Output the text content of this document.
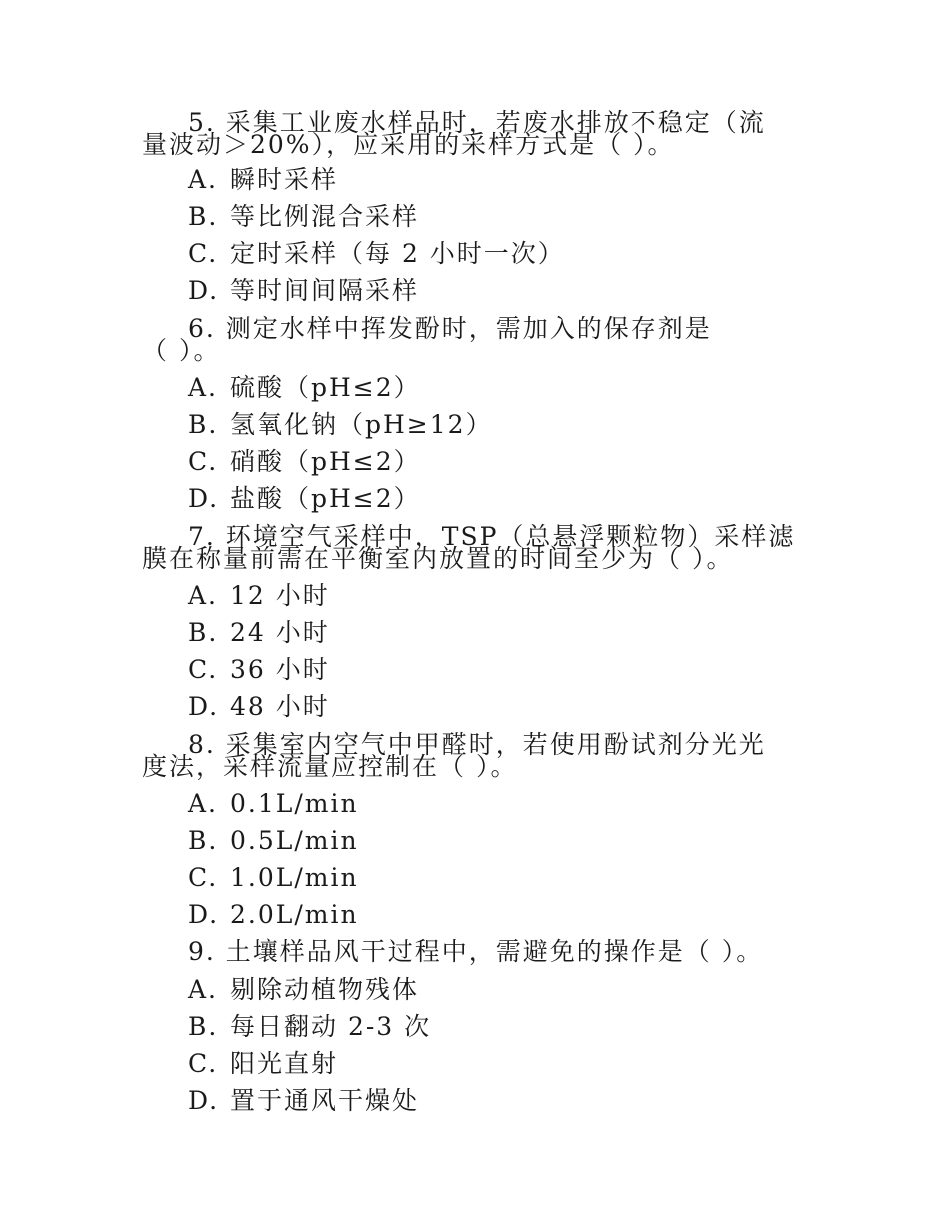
5. 采集工业废水样品时，若废水排放不稳定（流
量波动＞20%），应采用的采样方式是（ ）。
A. 瞬时采样
B. 等比例混合采样
C. 定时采样（每 2 小时一次）
D. 等时间间隔采样
6. 测定水样中挥发酚时，需加入的保存剂是
（ ）。
A. 硫酸（pH≤2）
B. 氢氧化钠（pH≥12）
C. 硝酸（pH≤2）
D. 盐酸（pH≤2）
7. 环境空气采样中，TSP（总悬浮颗粒物）采样滤
膜在称量前需在平衡室内放置的时间至少为（ ）。
A. 12 小时
B. 24 小时
C. 36 小时
D. 48 小时
8. 采集室内空气中甲醛时，若使用酚试剂分光光
度法，采样流量应控制在（ ）。
A. 0.1L/min
B. 0.5L/min
C. 1.0L/min
D. 2.0L/min
9. 土壤样品风干过程中，需避免的操作是（ ）。
A. 剔除动植物残体
B. 每日翻动 2-3 次
C. 阳光直射
D. 置于通风干燥处
